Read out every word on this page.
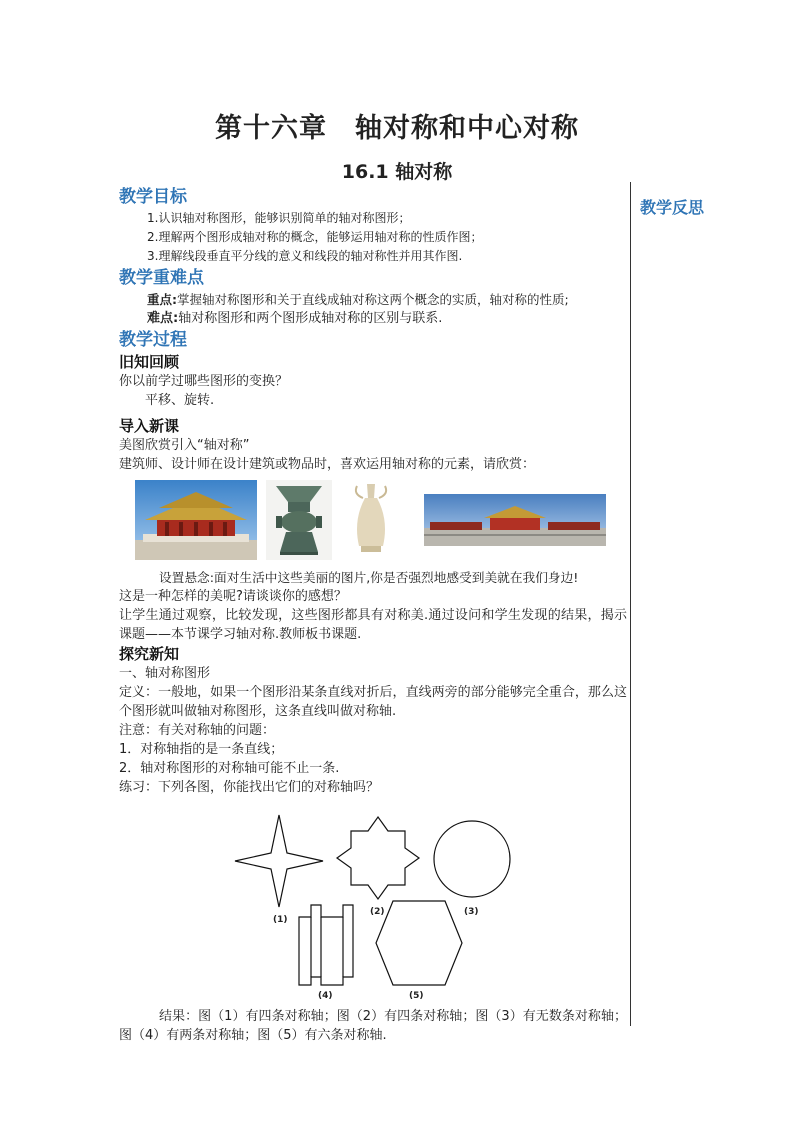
第十六章　轴对称和中心对称
16.1 轴对称
教学反思
教学目标

1.认识轴对称图形，能够识别简单的轴对称图形；

2.理解两个图形成轴对称的概念，能够运用轴对称的性质作图；

3.理解线段垂直平分线的意义和线段的轴对称性并用其作图.

教学重难点

重点:掌握轴对称图形和关于直线成轴对称这两个概念的实质，轴对称的性质;

难点:轴对称图形和两个图形成轴对称的区别与联系.

教学过程
旧知回顾

你以前学过哪些图形的变换？

平移、旋转.

导入新课

美图欣赏引入“轴对称”

建筑师、设计师在设计建筑或物品时，喜欢运用轴对称的元素，请欣赏：

设置悬念:面对生活中这些美丽的图片,你是否强烈地感受到美就在我们身边!

这是一种怎样的美呢?请谈谈你的感想？

让学生通过观察，比较发现，这些图形都具有对称美.通过设问和学生发现的结果，揭示课题——本节课学习轴对称.教师板书课题.

探究新知

一、轴对称图形

定义：一般地，如果一个图形沿某条直线对折后，直线两旁的部分能够完全重合，那么这个图形就叫做轴对称图形，这条直线叫做对称轴.

注意：有关对称轴的问题：

1．对称轴指的是一条直线；

2．轴对称图形的对称轴可能不止一条.

练习：下列各图，你能找出它们的对称轴吗？

(1)
(2)	(3)
(4)	(5)

结果：图（1）有四条对称轴；图（2）有四条对称轴；图（3）有无数条对称轴；图（4）有两条对称轴；图（5）有六条对称轴.
